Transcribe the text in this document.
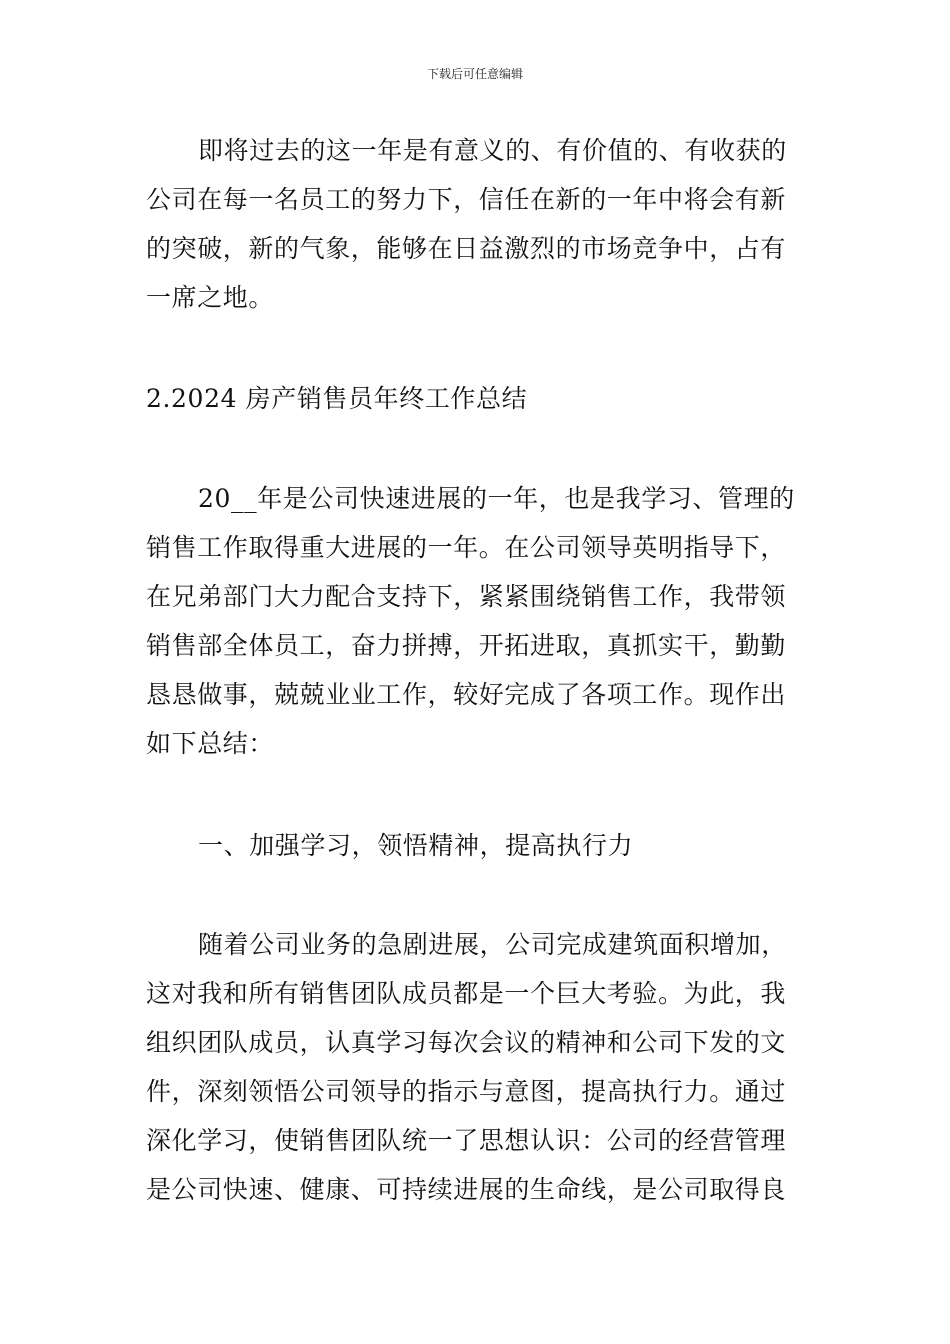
下载后可任意编辑
即将过去的这一年是有意义的、有价值的、有收获的
公司在每一名员工的努力下，信任在新的一年中将会有新
的突破，新的气象，能够在日益激烈的市场竞争中，占有
一席之地。
2.2024 房产销售员年终工作总结
20__年是公司快速进展的一年，也是我学习、管理的
销售工作取得重大进展的一年。在公司领导英明指导下，
在兄弟部门大力配合支持下，紧紧围绕销售工作，我带领
销售部全体员工，奋力拼搏，开拓进取，真抓实干，勤勤
恳恳做事，兢兢业业工作，较好完成了各项工作。现作出
如下总结：
一、加强学习，领悟精神，提高执行力
随着公司业务的急剧进展，公司完成建筑面积增加，
这对我和所有销售团队成员都是一个巨大考验。为此，我
组织团队成员，认真学习每次会议的精神和公司下发的文
件，深刻领悟公司领导的指示与意图，提高执行力。通过
深化学习，使销售团队统一了思想认识：公司的经营管理
是公司快速、健康、可持续进展的生命线，是公司取得良
